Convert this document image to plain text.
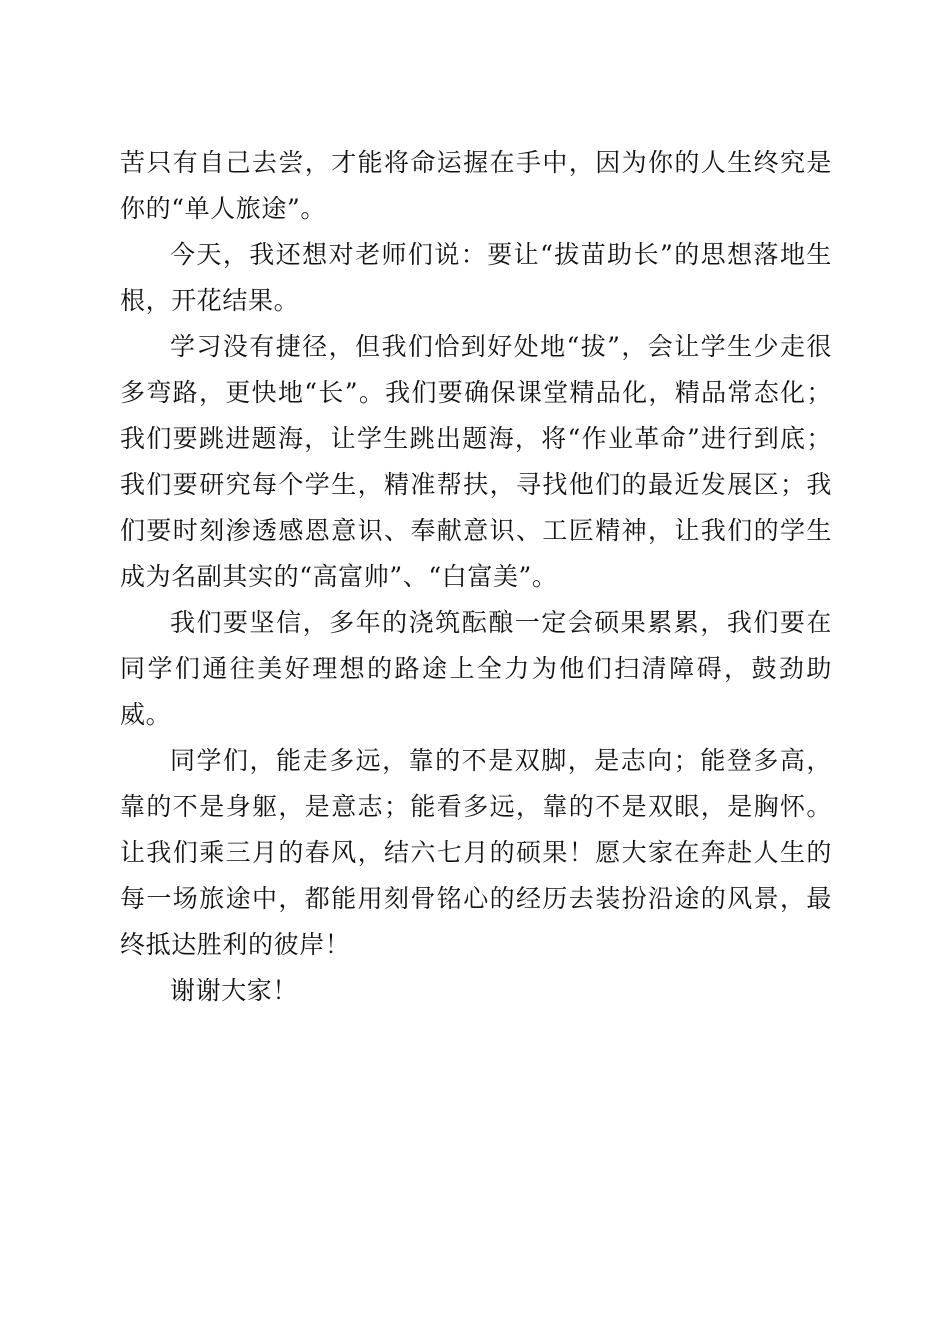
苦只有自己去尝，才能将命运握在手中，因为你的人生终究是你的“单人旅途”。

今天，我还想对老师们说：要让“拔苗助长”的思想落地生根，开花结果。

学习没有捷径，但我们恰到好处地“拔”，会让学生少走很多弯路，更快地“长”。我们要确保课堂精品化，精品常态化；我们要跳进题海，让学生跳出题海，将“作业革命”进行到底；我们要研究每个学生，精准帮扶，寻找他们的最近发展区；我们要时刻渗透感恩意识、奉献意识、工匠精神，让我们的学生成为名副其实的“高富帅”、“白富美”。

我们要坚信，多年的浇筑酝酿一定会硕果累累，我们要在同学们通往美好理想的路途上全力为他们扫清障碍，鼓劲助威。

同学们，能走多远，靠的不是双脚，是志向；能登多高，靠的不是身躯，是意志；能看多远，靠的不是双眼，是胸怀。让我们乘三月的春风，结六七月的硕果！愿大家在奔赴人生的每一场旅途中，都能用刻骨铭心的经历去装扮沿途的风景，最终抵达胜利的彼岸！

谢谢大家！
